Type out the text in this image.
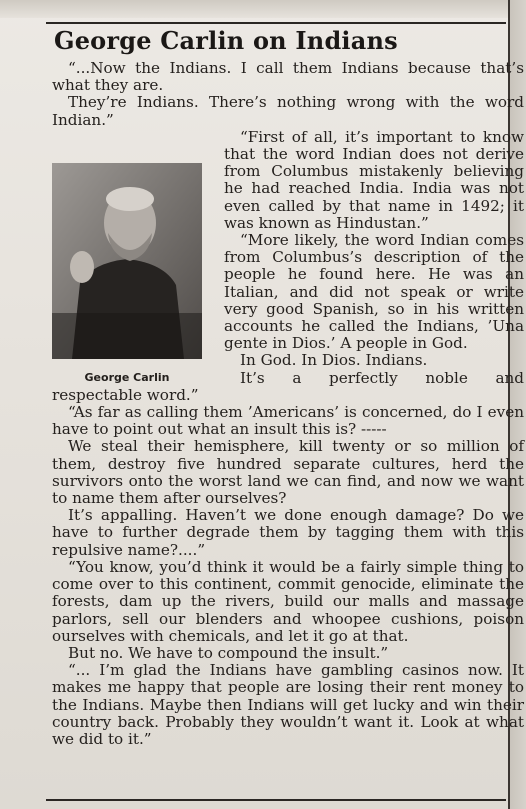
George Carlin on Indians

“...Now the Indians. I call them Indians because that’s what they are.

They’re Indians. There’s nothing wrong with the word Indian.”

George Carlin

“First of all, it’s important to know that the word Indian does not derive from Columbus mistakenly believing he had reached India. India was not even called by that name in 1492; it was known as Hindustan.”

“More likely, the word Indian comes from Columbus’s description of the people he found here. He was an Italian, and did not speak or write very good Spanish, so in his written accounts he called the Indians, ’Una gente in Dios.’ A people in God.

In God. In Dios. Indians.

It’s a perfectly noble and respectable word.”

“As far as calling them ’Americans’ is concerned, do I even have to point out what an insult this is? -----

We steal their hemisphere, kill twenty or so million of them, destroy five hundred separate cultures, herd the survivors onto the worst land we can find, and now we want to name them after ourselves?

It’s appalling. Haven’t we done enough damage? Do we have to further degrade them by tagging them with this repulsive name?....”

“You know, you’d think it would be a fairly simple thing to come over to this continent, commit genocide, eliminate the forests, dam up the rivers, build our malls and massage parlors, sell our blenders and whoopee cushions, poison ourselves with chemicals, and let it go at that.

But no. We have to compound the insult.”

“... I’m glad the Indians have gambling casinos now. It makes me happy that people are losing their rent money to the Indians. Maybe then Indians will get lucky and win their country back. Probably they wouldn’t want it. Look at what we did to it.”
